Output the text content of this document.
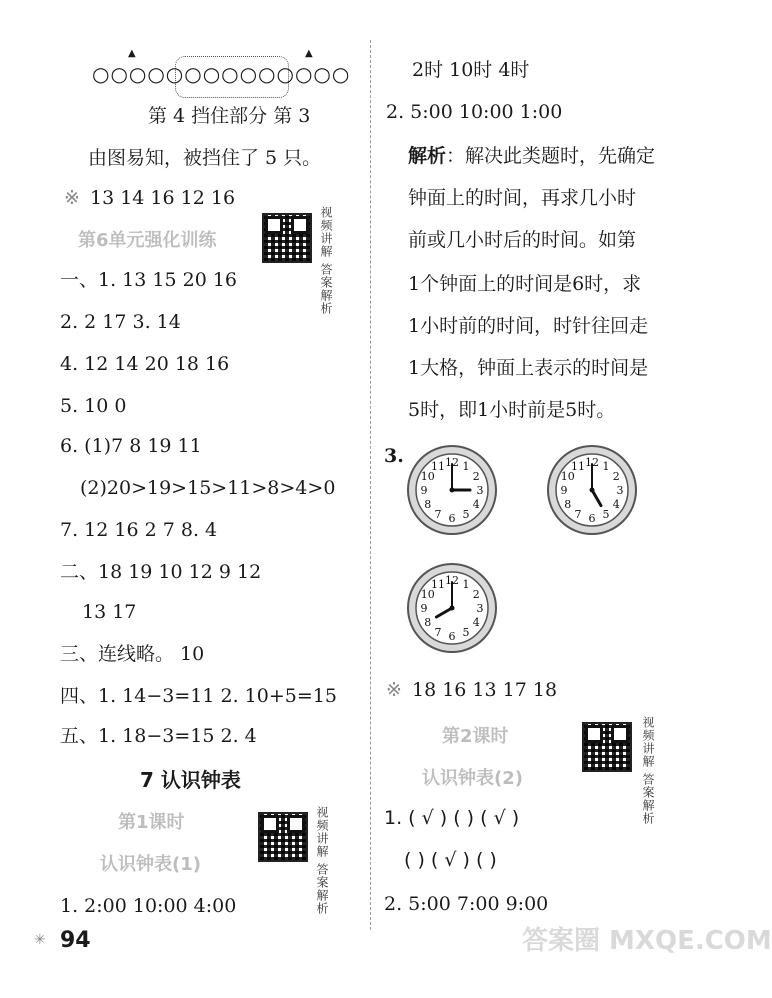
▲	▲
○○○○○○○○○○○○○○
第 4 挡住部分 第 3
由图易知，被挡住了 5 只。
※ 13 14 16 12 16
第6单元强化训练	视频讲解 答案解析
一、1. 13 15 20 16
2. 2 17 3. 14
4. 12 14 20 18 16
5. 10 0
6. (1)7 8 19 11
(2)20>19>15>11>8>4>0
7. 12 16 2 7 8. 4
二、18 19 10 12 9 12
13 17
三、连线略。 10
四、1. 14−3=11 2. 10+5=15
五、1. 18−3=15 2. 4
7 认识钟表
第1课时
认识钟表(1)	视频讲解 答案解析
1. 2:00 10:00 4:00
✳ 94
2时 10时 4时
2. 5:00 10:00 1:00
解析：解决此类题时，先确定
钟面上的时间，再求几小时
前或几小时后的时间。如第
1个钟面上的时间是6时，求
1小时前的时间，时针往回走
1大格，钟面上表示的时间是
5时，即1小时前是5时。
3.	1
2
3
4
5
6
7
8
9
10
11 12	1
2
3
4
5
6
7
8
9
10
11 12
1
2
3
4
5
6
7
8
9
10
11 12
※ 18 16 13 17 18
第2课时
认识钟表(2)	视频讲解 答案解析
1. ( √ ) ( ) ( √ )
( ) ( √ ) ( )
2. 5:00 7:00 9:00
答案圈 MXQE.COM
